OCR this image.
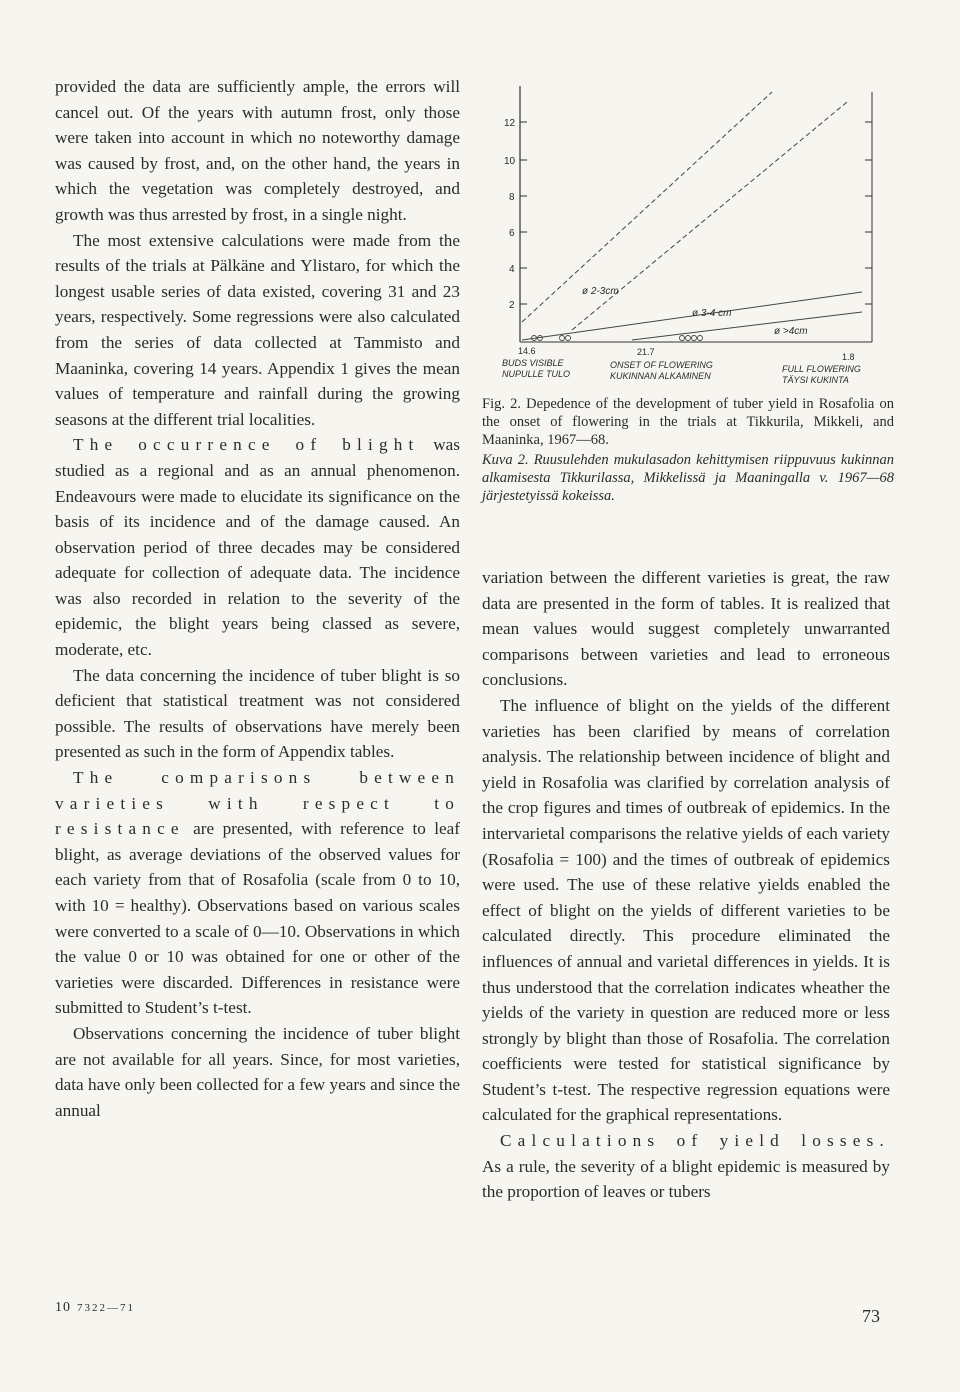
provided the data are sufficiently ample, the errors will cancel out. Of the years with autumn frost, only those were taken into account in which no noteworthy damage was caused by frost, and, on the other hand, the years in which the vegetation was completely destroyed, and growth was thus arrested by frost, in a single night.

The most extensive calculations were made from the results of the trials at Pälkäne and Ylistaro, for which the longest usable series of data existed, covering 31 and 23 years, respectively. Some regressions were also calculated from the series of data collected at Tammisto and Maaninka, covering 14 years. Appendix 1 gives the mean values of temperature and rainfall during the growing seasons at the different trial localities.

The occurrence of blight was studied as a regional and as an annual phenomenon. Endeavours were made to elucidate its significance on the basis of its incidence and of the damage caused. An observation period of three decades may be considered adequate for collection of adequate data. The incidence was also recorded in relation to the severity of the epidemic, the blight years being classed as severe, moderate, etc.

The data concerning the incidence of tuber blight is so deficient that statistical treatment was not considered possible. The results of observations have merely been presented as such in the form of Appendix tables.

The comparisons between varieties with respect to resistance are presented, with reference to leaf blight, as average deviations of the observed values for each variety from that of Rosafolia (scale from 0 to 10, with 10 = healthy). Observations based on various scales were converted to a scale of 0—10. Observations in which the value 0 or 10 was obtained for one or other of the varieties were discarded. Differences in resistance were submitted to Student’s t-test.

Observations concerning the incidence of tuber blight are not available for all years. Since, for most varieties, data have only been collected for a few years and since the annual

12
10
8
6
4
2
ø 2-3cm
ø 3-4 cm
ø >4cm
14.6	21.7	1.8
BUDS VISIBLE
NUPULLE TULO
ONSET OF FLOWERING
KUKINNAN ALKAMINEN
FULL FLOWERING
TÄYSI KUKINTA

Fig. 2. Depedence of the development of tuber yield in Rosafolia on the onset of flowering in the trials at Tikkurila, Mikkeli, and Maaninka, 1967—68.

Kuva 2. Ruusulehden mukulasadon kehittymisen riippuvuus kukinnan alkamisesta Tikkurilassa, Mikkelissä ja Maaningalla v. 1967—68 järjestetyissä kokeissa.

variation between the different varieties is great, the raw data are presented in the form of tables. It is realized that mean values would suggest completely unwarranted comparisons between varieties and lead to erroneous conclusions.

The influence of blight on the yields of the different varieties has been clarified by means of correlation analysis. The relationship between incidence of blight and yield in Rosafolia was clarified by correlation analysis of the crop figures and times of outbreak of epidemics. In the intervarietal comparisons the relative yields of each variety (Rosafolia = 100) and the times of outbreak of epidemics were used. The use of these relative yields enabled the effect of blight on the yields of different varieties to be calculated directly. This procedure eliminated the influences of annual and varietal differences in yields. It is thus understood that the correlation indicates wheather the yields of the variety in question are reduced more or less strongly by blight than those of Rosafolia. The correlation coefficients were tested for statistical significance by Student’s t-test. The respective regression equations were calculated for the graphical representations.

Calculations of yield losses. As a rule, the severity of a blight epidemic is measured by the proportion of leaves or tubers

10 7322—71	73
